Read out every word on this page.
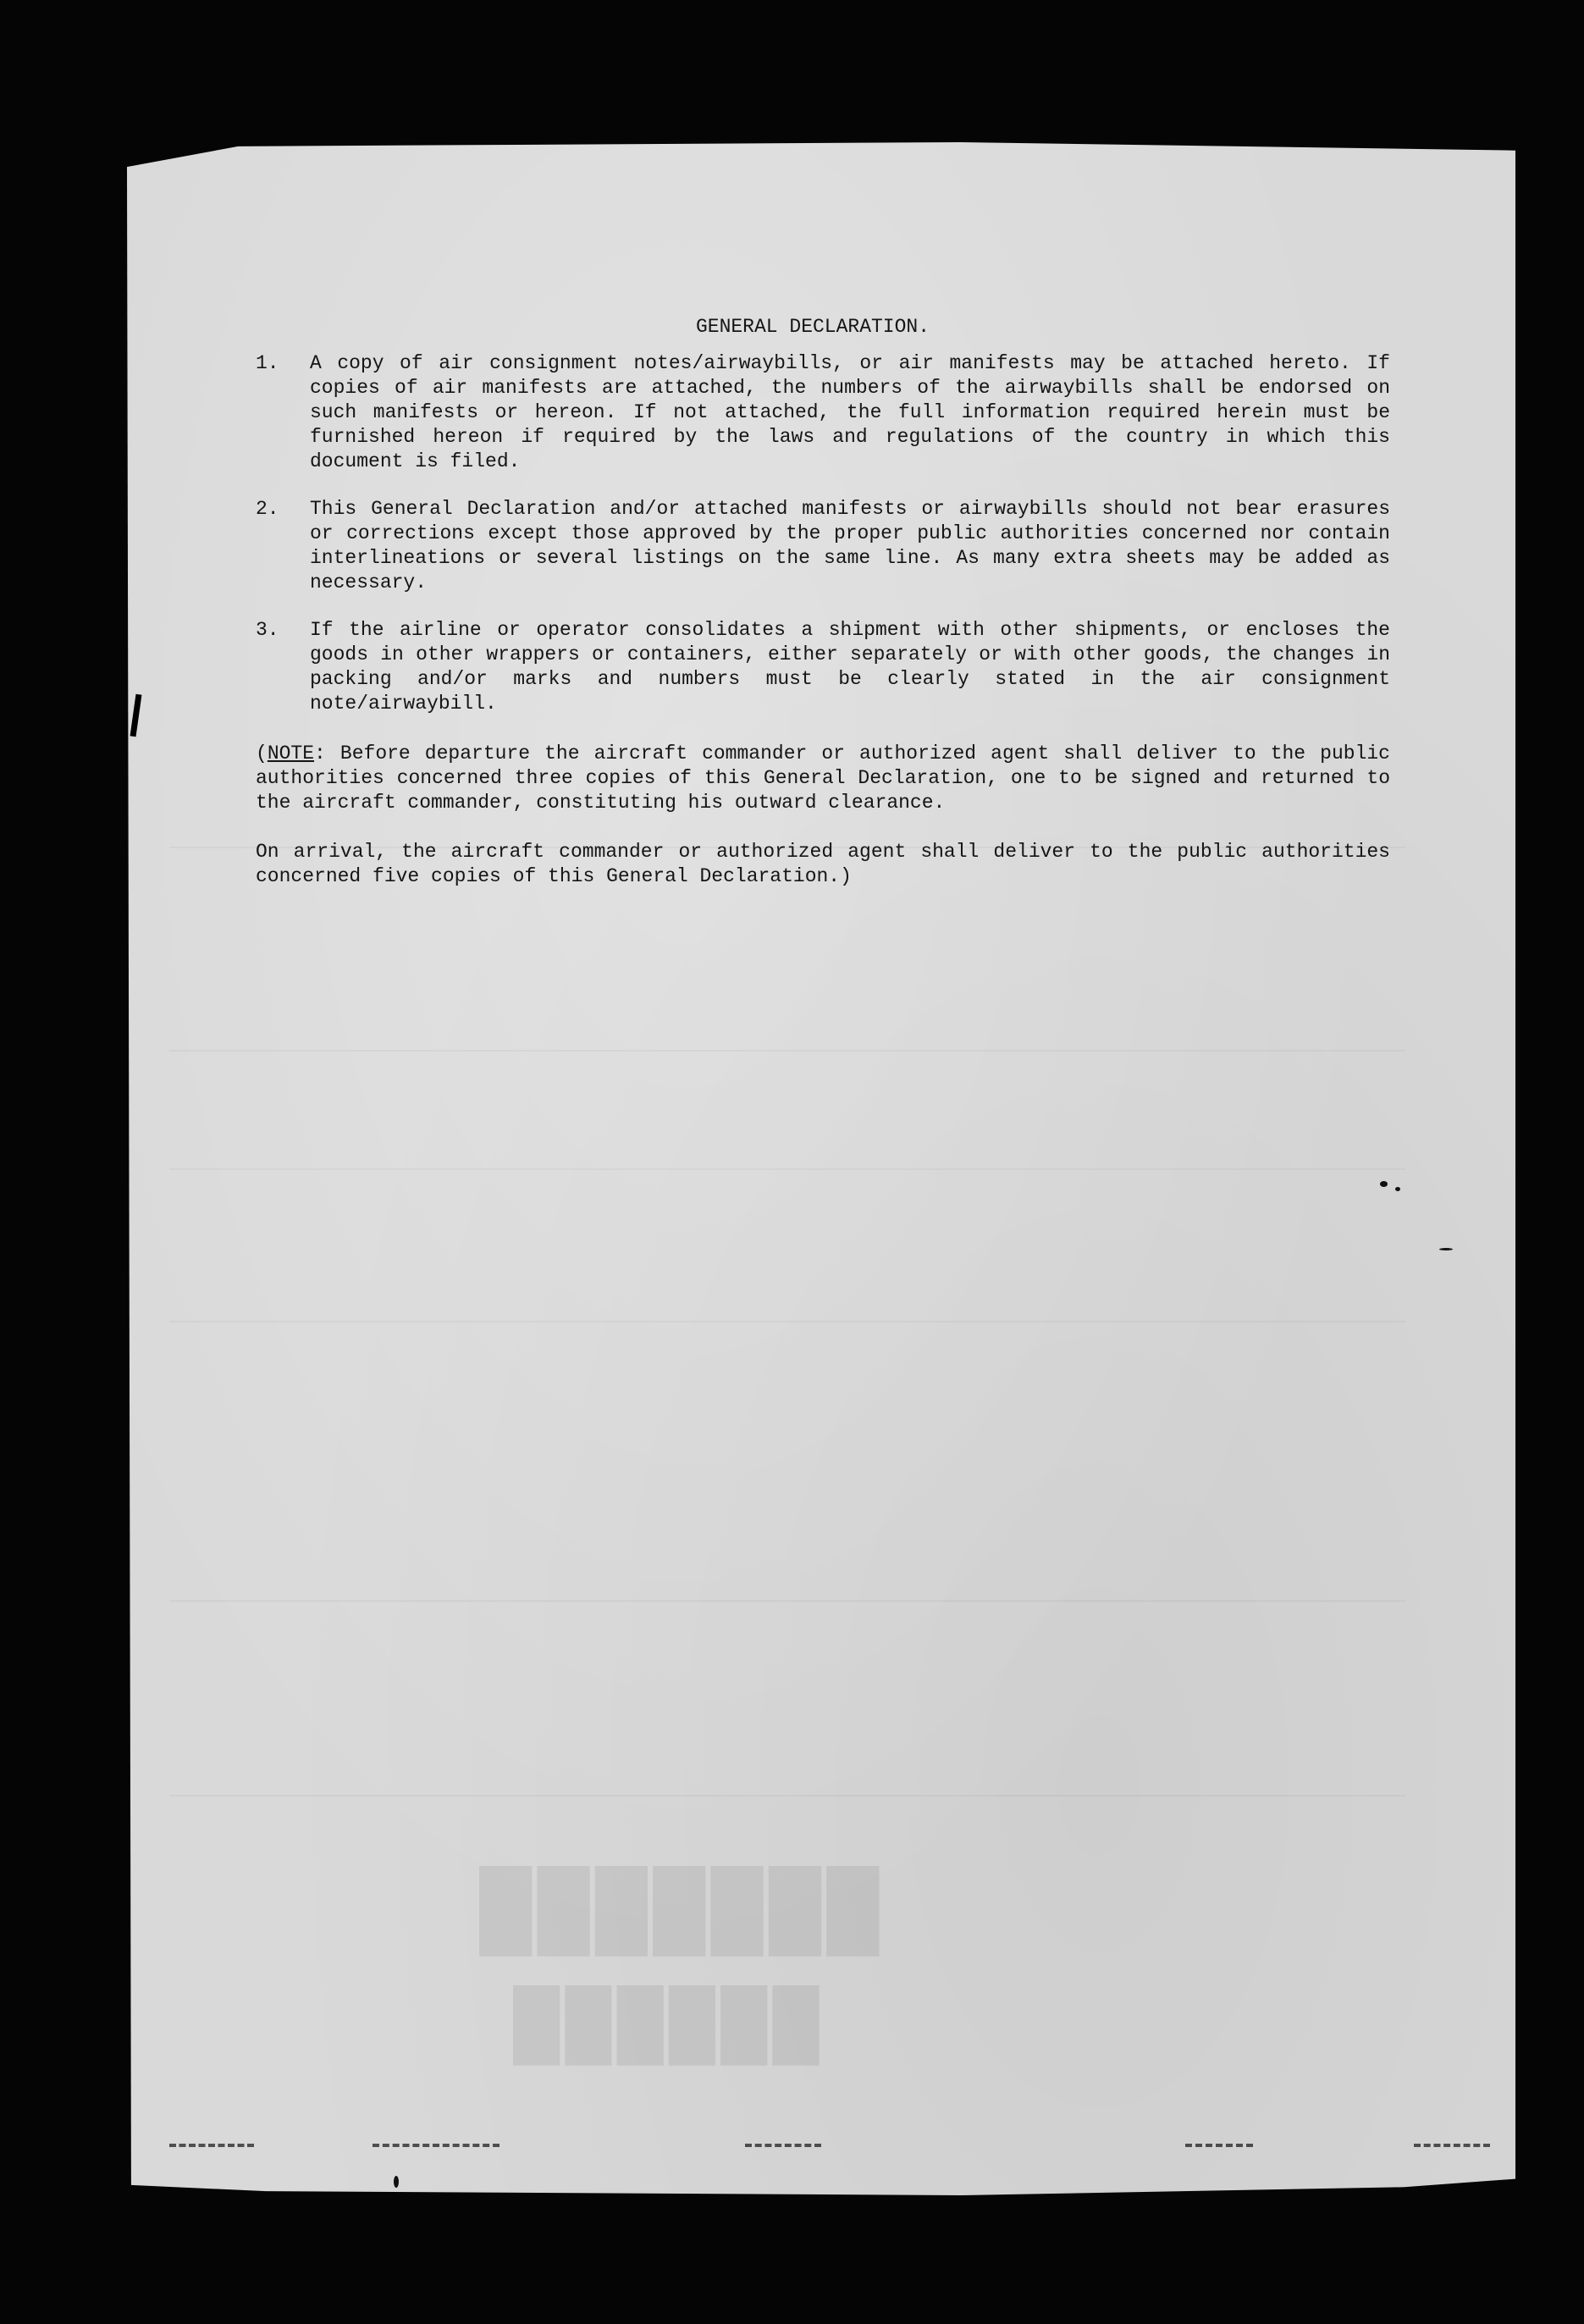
███████
██████
GENERAL DECLARATION.
1.	A copy of air consignment notes/airwaybills, or air manifests may be attached hereto. If copies of air manifests are attached, the numbers of the airwaybills shall be endorsed on such manifests or hereon. If not attached, the full information required herein must be furnished hereon if required by the laws and regulations of the country in which this document is filed.
2.	This General Declaration and/or attached manifests or airwaybills should not bear erasures or corrections except those approved by the proper public authorities concerned nor contain interlineations or several listings on the same line. As many extra sheets may be added as necessary.
3.	If the airline or operator consolidates a shipment with other shipments, or encloses the goods in other wrappers or containers, either separately or with other goods, the changes in packing and/or marks and numbers must be clearly stated in the air consignment note/airwaybill.
(NOTE: Before departure the aircraft commander or authorized agent shall deliver to the public authorities concerned three copies of this General Declaration, one to be signed and returned to the aircraft commander, constituting his outward clearance.
On arrival, the aircraft commander or authorized agent shall deliver to the public authorities concerned five copies of this General Declaration.)
